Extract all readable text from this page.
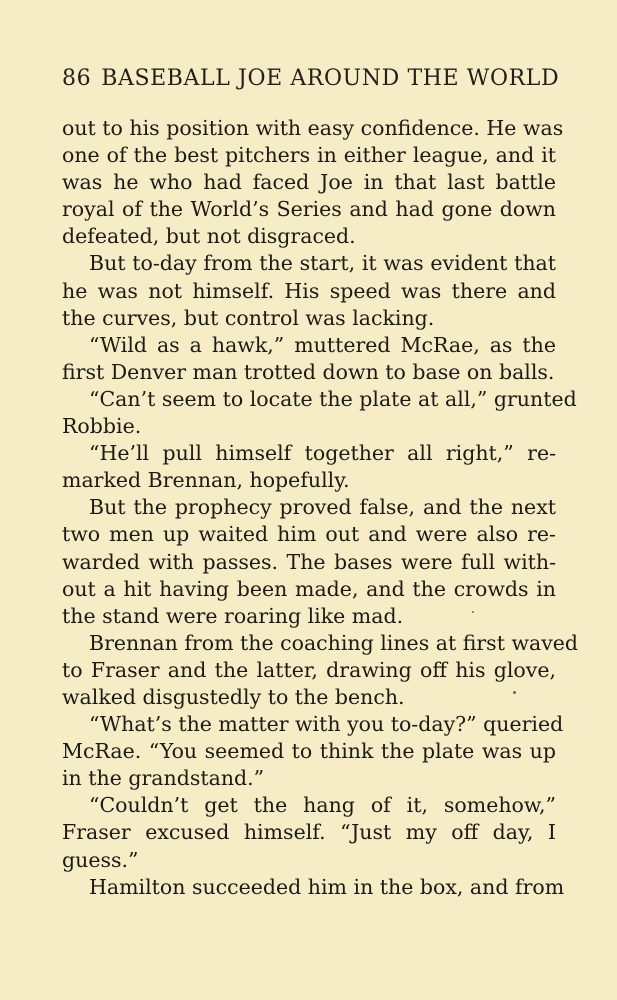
86 BASEBALL JOE AROUND THE WORLD
out to his position with easy confidence. He was
one of the best pitchers in either league, and it
was he who had faced Joe in that last battle
royal of the World’s Series and had gone down
defeated, but not disgraced.
But to-day from the start, it was evident that
he was not himself. His speed was there and
the curves, but control was lacking.
“Wild as a hawk,” muttered McRae, as the
first Denver man trotted down to base on balls.
“Can’t seem to locate the plate at all,” grunted
Robbie.
“He’ll pull himself together all right,” re-
marked Brennan, hopefully.
But the prophecy proved false, and the next
two men up waited him out and were also re-
warded with passes. The bases were full with-
out a hit having been made, and the crowds in
the stand were roaring like mad.
Brennan from the coaching lines at first waved
to Fraser and the latter, drawing off his glove,
walked disgustedly to the bench.
“What’s the matter with you to-day?” queried
McRae. “You seemed to think the plate was up
in the grandstand.”
“Couldn’t get the hang of it, somehow,”
Fraser excused himself. “Just my off day, I
guess.”
Hamilton succeeded him in the box, and from
